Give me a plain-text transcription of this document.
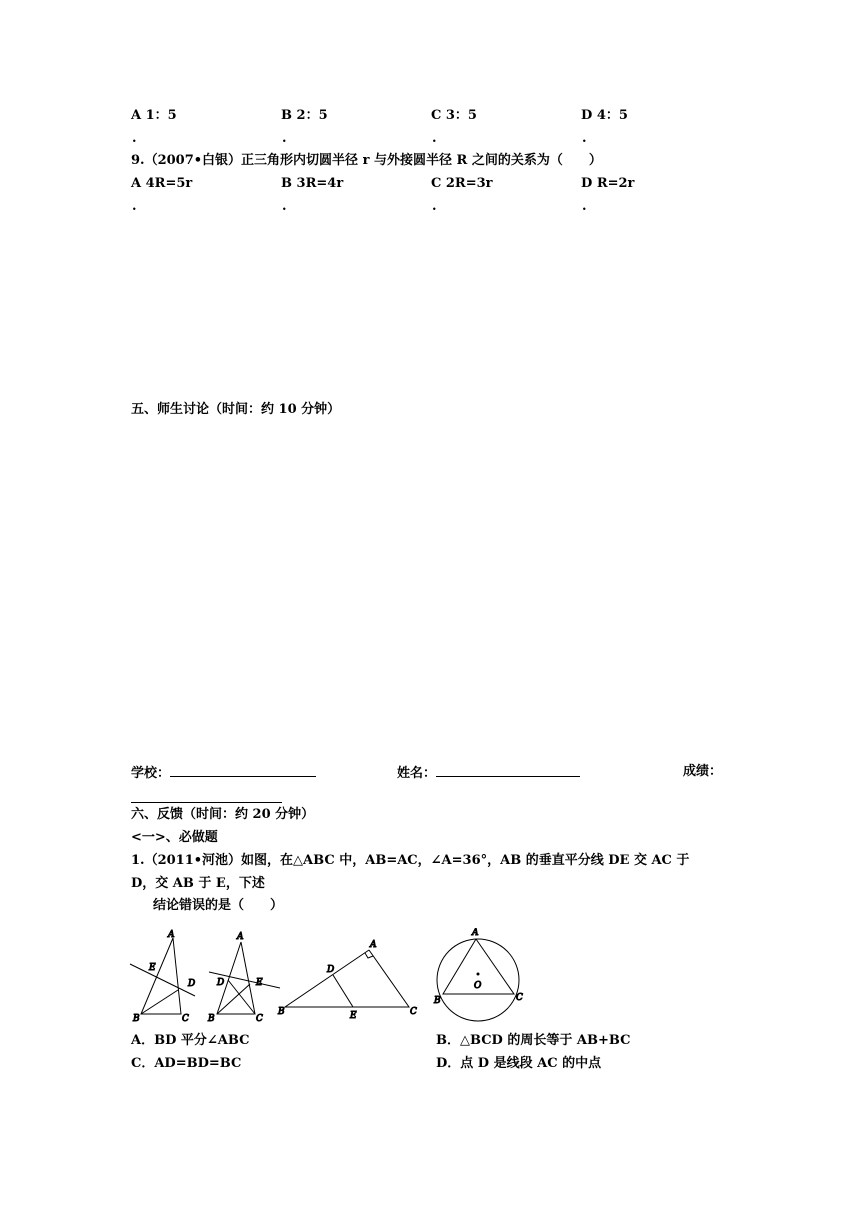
A 1：5	B 2：5	C 3：5	D 4：5
.	.	.	.
9.（2007•白银）正三角形内切圆半径 r 与外接圆半径 R 之间的关系为（　　）
A 4R=5r	B 3R=4r	C 2R=3r	D R=2r
.	.	.	.
五、师生讨论（时间：约 10 分钟）
学校：	姓名：	成绩：
六、反馈（时间：约 20 分钟）
<一>、必做题
1.（2011•河池）如图，在△ABC 中，AB=AC，∠A=36°，AB 的垂直平分线 DE 交 AC 于
D，交 AB 于 E，下述
结论错误的是（　　）
A
E
D
B	C
A
D	E
B	C
A
D
B	E	C
A
O
B	C
A．BD 平分∠ABC	B．△BCD 的周长等于 AB+BC
C．AD=BD=BC	D．点 D 是线段 AC 的中点
